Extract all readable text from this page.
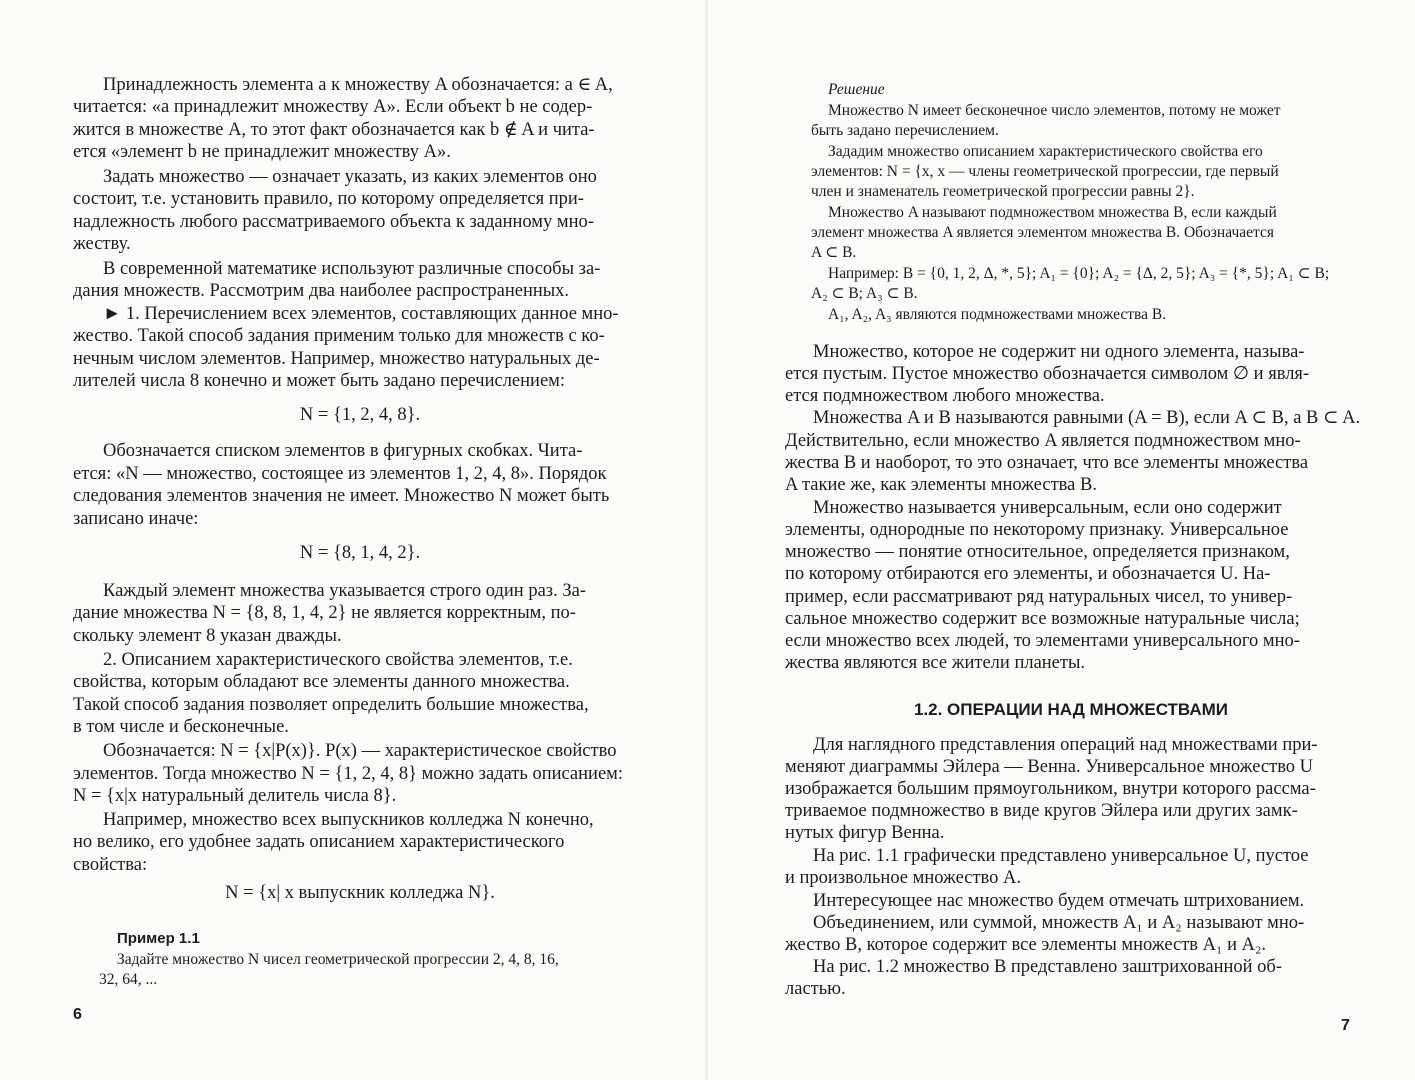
Принадлежность элемента a к множеству A обозначается: a ∈ A,

читается: «a принадлежит множеству A». Если объект b не содер-

жится в множестве A, то этот факт обозначается как b ∉ A и чита-

ется «элемент b не принадлежит множеству A».

Задать множество — означает указать, из каких элементов оно

состоит, т.е. установить правило, по которому определяется при-

надлежность любого рассматриваемого объекта к заданному мно-

жеству.

В современной математике используют различные способы за-

дания множеств. Рассмотрим два наиболее распространенных.

► 1. Перечислением всех элементов, составляющих данное мно-

жество. Такой способ задания применим только для множеств с ко-

нечным числом элементов. Например, множество натуральных де-

лителей числа 8 конечно и может быть задано перечислением:

N = {1, 2, 4, 8}.

Обозначается списком элементов в фигурных скобках. Чита-

ется: «N — множество, состоящее из элементов 1, 2, 4, 8». Порядок

следования элементов значения не имеет. Множество N может быть

записано иначе:

N = {8, 1, 4, 2}.

Каждый элемент множества указывается строго один раз. За-

дание множества N = {8, 8, 1, 4, 2} не является корректным, по-

скольку элемент 8 указан дважды.

2. Описанием характеристического свойства элементов, т.е.

свойства, которым обладают все элементы данного множества.

Такой способ задания позволяет определить большие множества,

в том числе и бесконечные.

Обозначается: N = {x|P(x)}. P(x) — характеристическое свойство

элементов. Тогда множество N = {1, 2, 4, 8} можно задать описанием:

N = {x|x натуральный делитель числа 8}.

Например, множество всех выпускников колледжа N конечно,

но велико, его удобнее задать описанием характеристического

свойства:

N = {x| x выпускник колледжа N}.

Пример 1.1

Задайте множество N чисел геометрической прогрессии 2, 4, 8, 16,

32, 64, ...

6

Решение

Множество N имеет бесконечное число элементов, потому не может

быть задано перечислением.

Зададим множество описанием характеристического свойства его

элементов: N = {x, x — члены геометрической прогрессии, где первый

член и знаменатель геометрической прогрессии равны 2}.

Множество A называют подмножеством множества B, если каждый

элемент множества A является элементом множества B. Обозначается

A ⊂ B.

Например: B = {0, 1, 2, Δ, *, 5}; A₁ = {0}; A₂ = {Δ, 2, 5}; A₃ = {*, 5}; A₁ ⊂ B;

A₂ ⊂ B; A₃ ⊂ B.

A₁, A₂, A₃ являются подмножествами множества B.

Множество, которое не содержит ни одного элемента, называ-

ется пустым. Пустое множество обозначается символом ∅ и явля-

ется подмножеством любого множества.

Множества A и B называются равными (A = B), если A ⊂ B, а B ⊂ A.

Действительно, если множество A является подмножеством мно-

жества B и наоборот, то это означает, что все элементы множества

A такие же, как элементы множества B.

Множество называется универсальным, если оно содержит

элементы, однородные по некоторому признаку. Универсальное

множество — понятие относительное, определяется признаком,

по которому отбираются его элементы, и обозначается U. На-

пример, если рассматривают ряд натуральных чисел, то универ-

сальное множество содержит все возможные натуральные числа;

если множество всех людей, то элементами универсального мно-

жества являются все жители планеты.

1.2. ОПЕРАЦИИ НАД МНОЖЕСТВАМИ

Для наглядного представления операций над множествами при-

меняют диаграммы Эйлера — Венна. Универсальное множество U

изображается большим прямоугольником, внутри которого рассма-

триваемое подмножество в виде кругов Эйлера или других замк-

нутых фигур Венна.

На рис. 1.1 графически представлено универсальное U, пустое

и произвольное множество A.

Интересующее нас множество будем отмечать штрихованием.

Объединением, или суммой, множеств A₁ и A₂ называют мно-

жество B, которое содержит все элементы множеств A₁ и A₂.

На рис. 1.2 множество B представлено заштрихованной об-

ластью.

7
